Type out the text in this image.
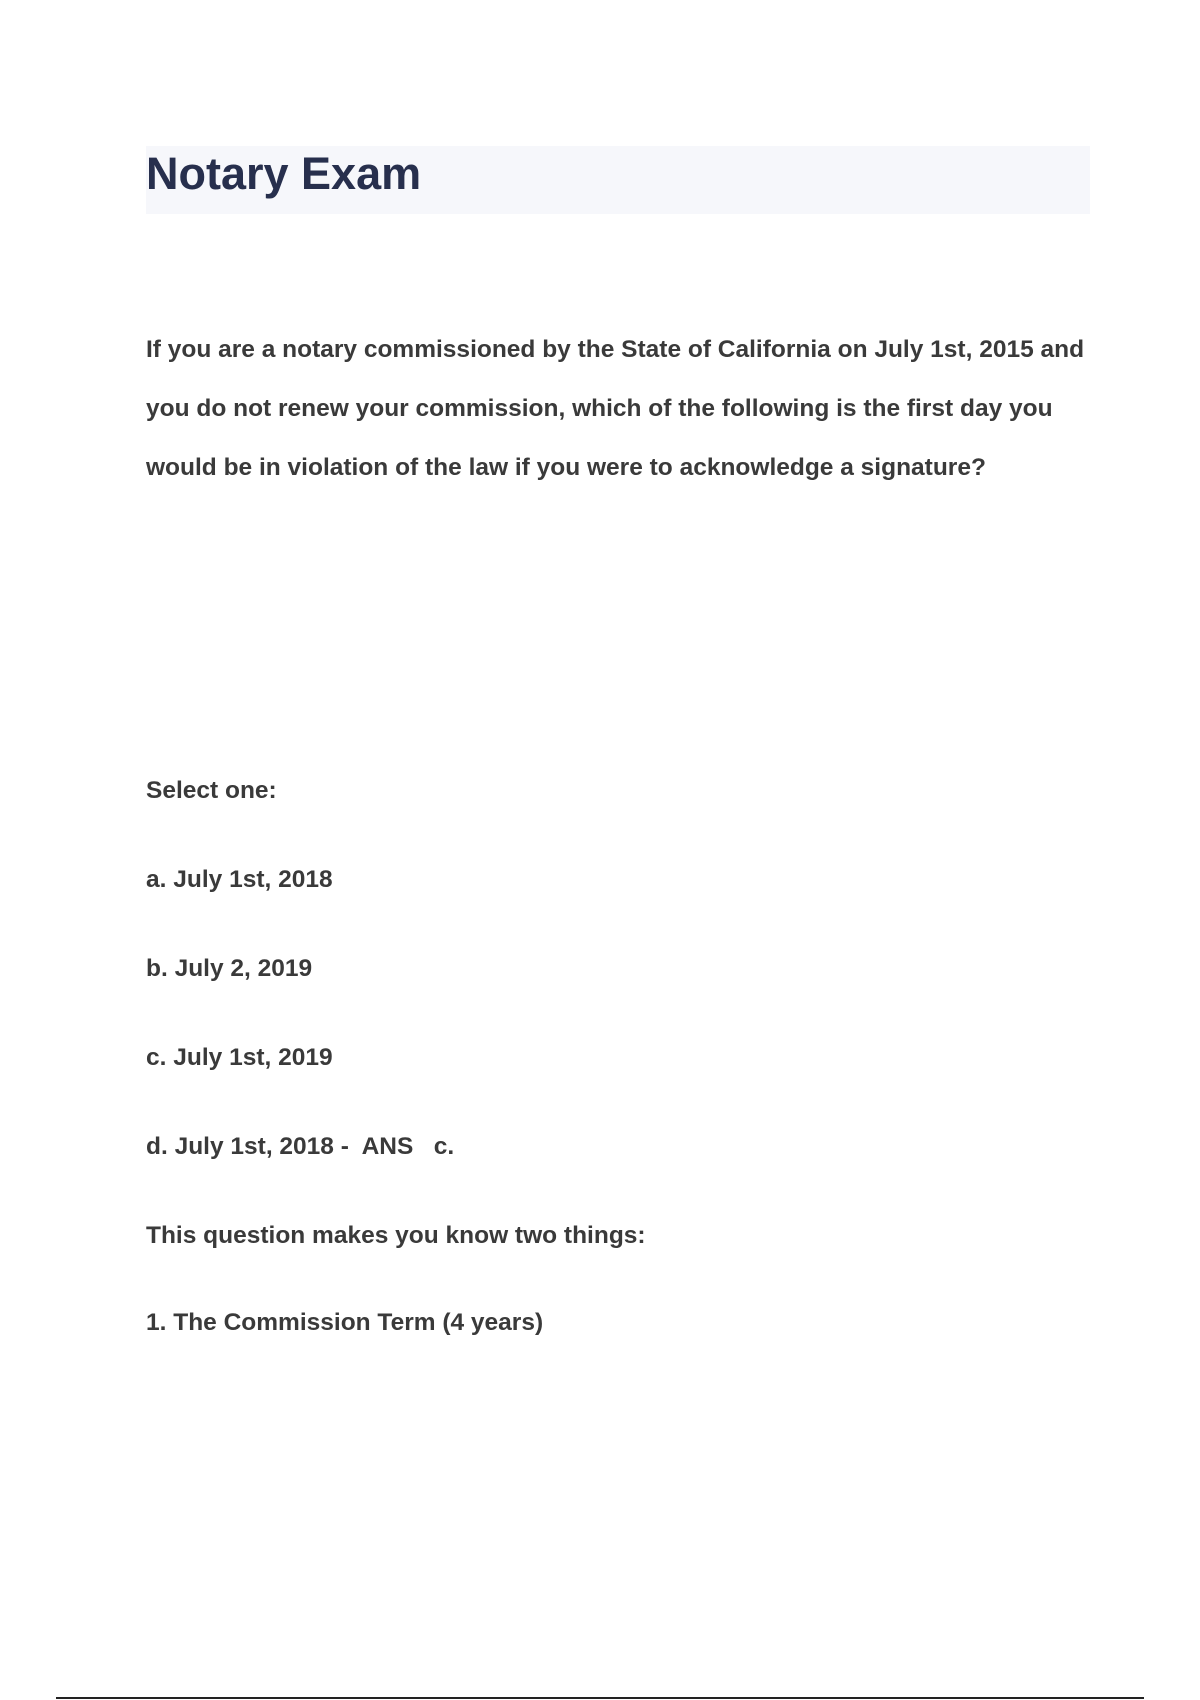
Notary Exam

If you are a notary commissioned by the State of California on July 1st, 2015 and you do not renew your commission, which of the following is the first day you would be in violation of the law if you were to acknowledge a signature?

Select one:

a. July 1st, 2018

b. July 2, 2019

c. July 1st, 2019

d. July 1st, 2018 -  ANS   c.

This question makes you know two things:

1. The Commission Term (4 years)
